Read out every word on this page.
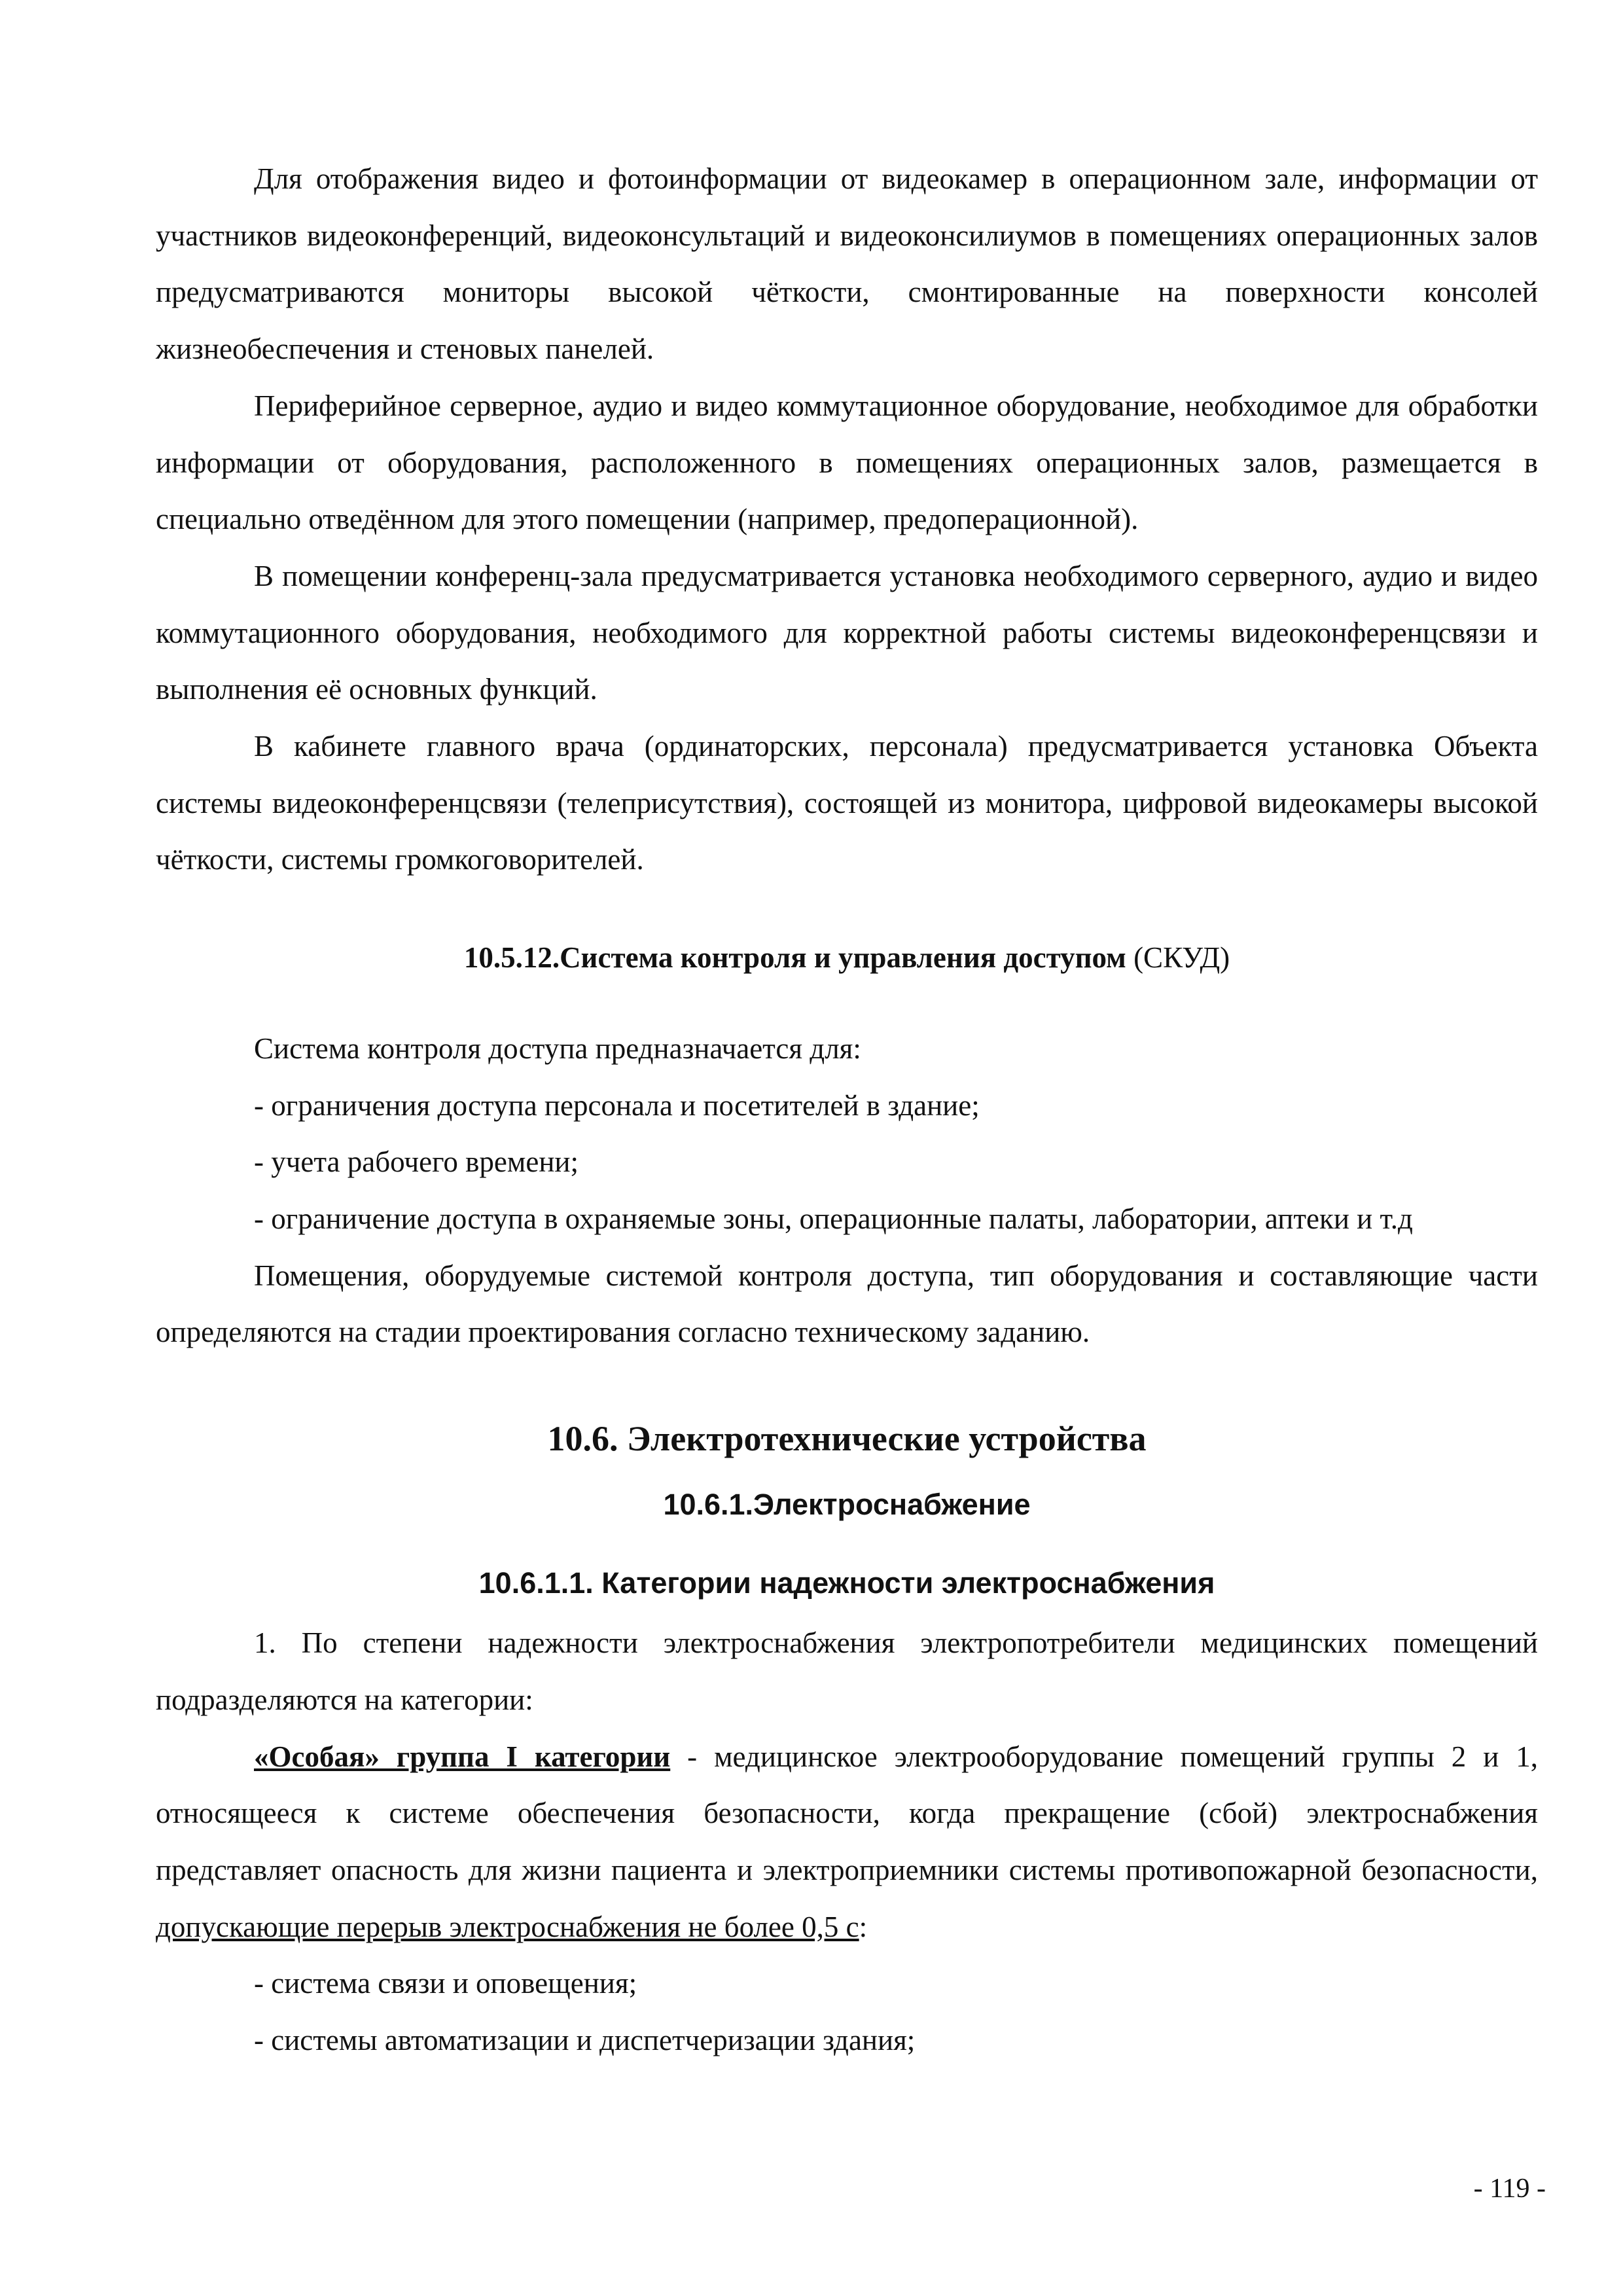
Для отображения видео и фотоинформации от видеокамер в операционном зале, информации от участников видеоконференций, видеоконсультаций и видеоконсилиумов в помещениях операционных залов предусматриваются мониторы высокой чёткости, смонтированные на поверхности консолей жизнеобеспечения и стеновых панелей.

Периферийное серверное, аудио и видео коммутационное оборудование, необходимое для обработки информации от оборудования, расположенного в помещениях операционных залов, размещается в специально отведённом для этого помещении (например, предоперационной).

В помещении конференц-зала предусматривается установка необходимого серверного, аудио и видео коммутационного оборудования, необходимого для корректной работы системы видеоконференцсвязи и выполнения её основных функций.

В кабинете главного врача (ординаторских, персонала) предусматривается установка Объекта системы видеоконференцсвязи (телеприсутствия), состоящей из монитора, цифровой видеокамеры высокой чёткости, системы громкоговорителей.

10.5.12.Система контроля и управления доступом (СКУД)

Система контроля доступа предназначается для:

- ограничения доступа персонала и посетителей в здание;

- учета рабочего времени;

- ограничение доступа в охраняемые зоны, операционные палаты, лаборатории, аптеки и т.д

Помещения, оборудуемые системой контроля доступа, тип оборудования и составляющие части определяются на стадии проектирования согласно техническому заданию.

10.6. Электротехнические устройства

10.6.1.Электроснабжение

10.6.1.1. Категории надежности электроснабжения

1. По степени надежности электроснабжения электропотребители медицинских помещений подразделяются на категории:

«Особая» группа I категории - медицинское электрооборудование помещений группы 2 и 1, относящееся к системе обеспечения безопасности, когда прекращение (сбой) электроснабжения представляет опасность для жизни пациента и электроприемники системы противопожарной безопасности, допускающие перерыв электроснабжения не более 0,5 с:

- система связи и оповещения;

- системы автоматизации и диспетчеризации здания;

- 119 -
